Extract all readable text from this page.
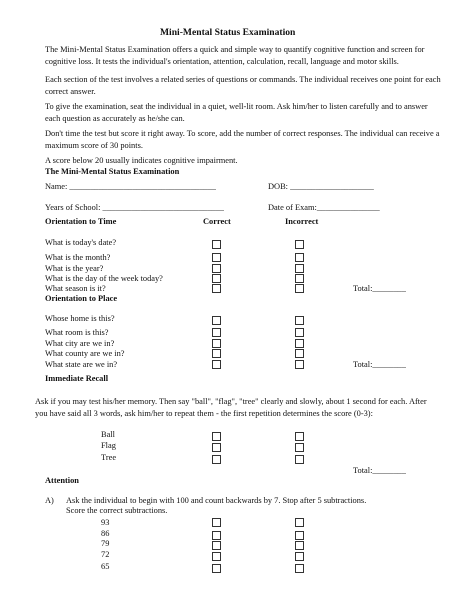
Mini-Mental Status Examination
The Mini-Mental Status Examination offers a quick and simple way to quantify cognitive function and screen for cognitive loss. It tests the individual's orientation, attention, calculation, recall, language and motor skills.
Each section of the test involves a related series of questions or commands. The individual receives one point for each correct answer.
To give the examination, seat the individual in a quiet, well-lit room. Ask him/her to listen carefully and to answer each question as accurately as he/she can.
Don't time the test but score it right away. To score, add the number of correct responses. The individual can receive a maximum score of 30 points.
A score below 20 usually indicates cognitive impairment.
The Mini-Mental Status Examination
Name: ___________________________________	DOB: ____________________
Years of School: _____________________________	Date of Exam:_______________
Orientation to Time	Correct	Incorrect
What is today's date?
What is the month?
What is the year?
What is the day of the week today?
What season is it?	Total:________
Orientation to Place
Whose home is this?
What room is this?
What city are we in?
What county are we in?
What state are we in?	Total:________
Immediate Recall
Ask if you may test his/her memory. Then say "ball", "flag", "tree" clearly and slowly, about 1 second for each. After you have said all 3 words, ask him/her to repeat them - the first repetition determines the score (0-3):
Ball
Flag
Tree
Total:________
Attention
A) Ask the individual to begin with 100 and count backwards by 7. Stop after 5 subtractions.
Score the correct subtractions.
93
86
79
72
65
